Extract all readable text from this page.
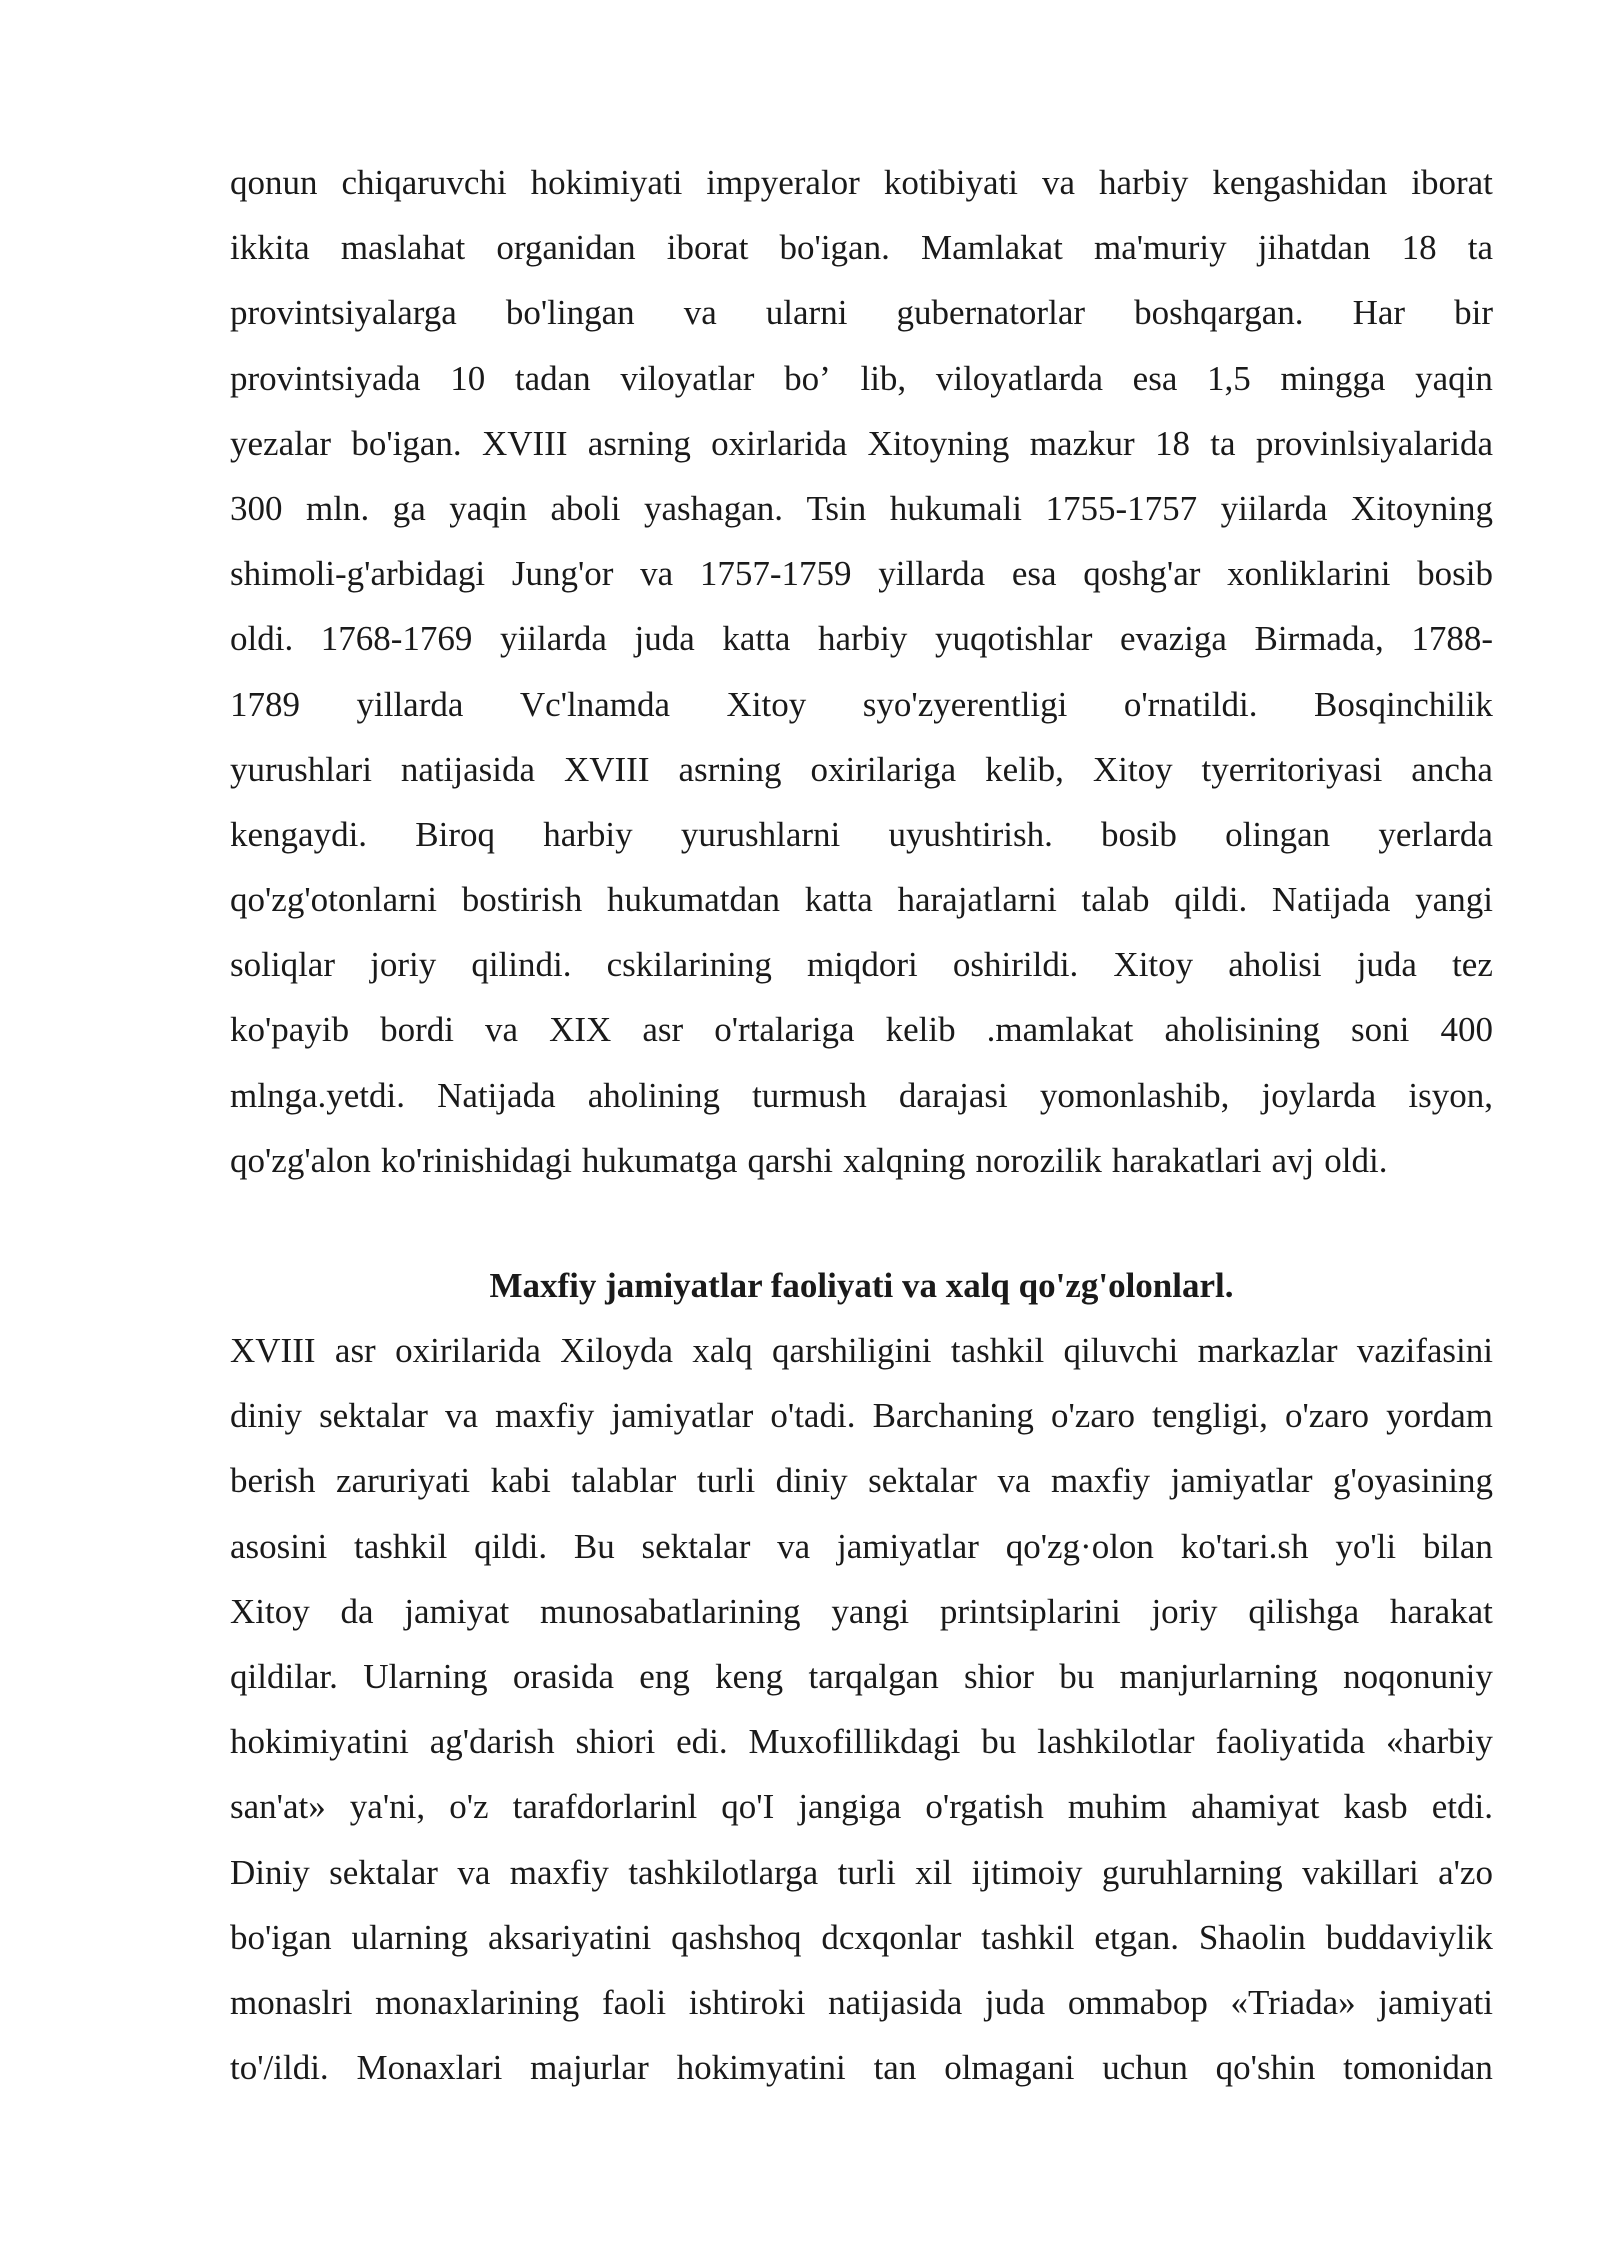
qonun chiqaruvchi hokimiyati impyeralor kotibiyati va harbiy kengashidan iborat
ikkita maslahat organidan iborat bo'igan. Mamlakat ma'muriy jihatdan 18 ta
provintsiyalarga bo'lingan va ularni gubernatorlar boshqargan. Har bir
provintsiyada 10 tadan viloyatlar bo’ lib, viloyatlarda esa 1,5 mingga yaqin
yezalar bo'igan. XVIII asrning oxirlarida Xitoyning mazkur 18 ta provinlsiyalarida
300 mln. ga yaqin aboli yashagan. Tsin hukumali 1755-1757 yiilarda Xitoyning
shimoli-g'arbidagi Jung'or va 1757-1759 yillarda esa qoshg'ar xonliklarini bosib
oldi. 1768-1769 yiilarda juda katta harbiy yuqotishlar evaziga Birmada, 1788-
1789 yillarda Vc'lnamda Xitoy syo'zyerentligi o'rnatildi. Bosqinchilik
yurushlari natijasida XVIII asrning oxirilariga kelib, Xitoy tyerritoriyasi ancha
kengaydi. Biroq harbiy yurushlarni uyushtirish. bosib olingan yerlarda
qo'zg'otonlarni bostirish hukumatdan katta harajatlarni talab qildi. Natijada yangi
soliqlar joriy qilindi. cskilarining miqdori oshirildi. Xitoy aholisi juda tez
ko'payib bordi va XIX asr o'rtalariga kelib .mamlakat aholisining soni 400
mlnga.yetdi. Natijada aholining turmush darajasi yomonlashib, joylarda isyon,
qo'zg'alon ko'rinishidagi hukumatga qarshi xalqning norozilik harakatlari avj oldi.
Maxfiy jamiyatlar faoliyati va xalq qo'zg'olonlarl.
XVIII asr oxirilarida Xiloyda xalq qarshiligini tashkil qiluvchi markazlar vazifasini
diniy sektalar va maxfiy jamiyatlar o'tadi. Barchaning o'zaro tengligi, o'zaro yordam
berish zaruriyati kabi talablar turli diniy sektalar va maxfiy jamiyatlar g'oyasining
asosini tashkil qildi. Bu sektalar va jamiyatlar qo'zg·olon ko'tari.sh yo'li bilan
Xitoy da jamiyat munosabatlarining yangi printsiplarini joriy qilishga harakat
qildilar. Ularning orasida eng keng tarqalgan shior bu manjurlarning noqonuniy
hokimiyatini ag'darish shiori edi. Muxofillikdagi bu lashkilotlar faoliyatida «harbiy
san'at» ya'ni, o'z tarafdorlarinl qo'I jangiga o'rgatish muhim ahamiyat kasb etdi.
Diniy sektalar va maxfiy tashkilotlarga turli xil ijtimoiy guruhlarning vakillari a'zo
bo'igan ularning aksariyatini qashshoq dcxqonlar tashkil etgan. Shaolin buddaviylik
monaslri monaxlarining faoli ishtiroki natijasida juda ommabop «Triada» jamiyati
to'/ildi. Monaxlari majurlar hokimyatini tan olmagani uchun qo'shin tomonidan
